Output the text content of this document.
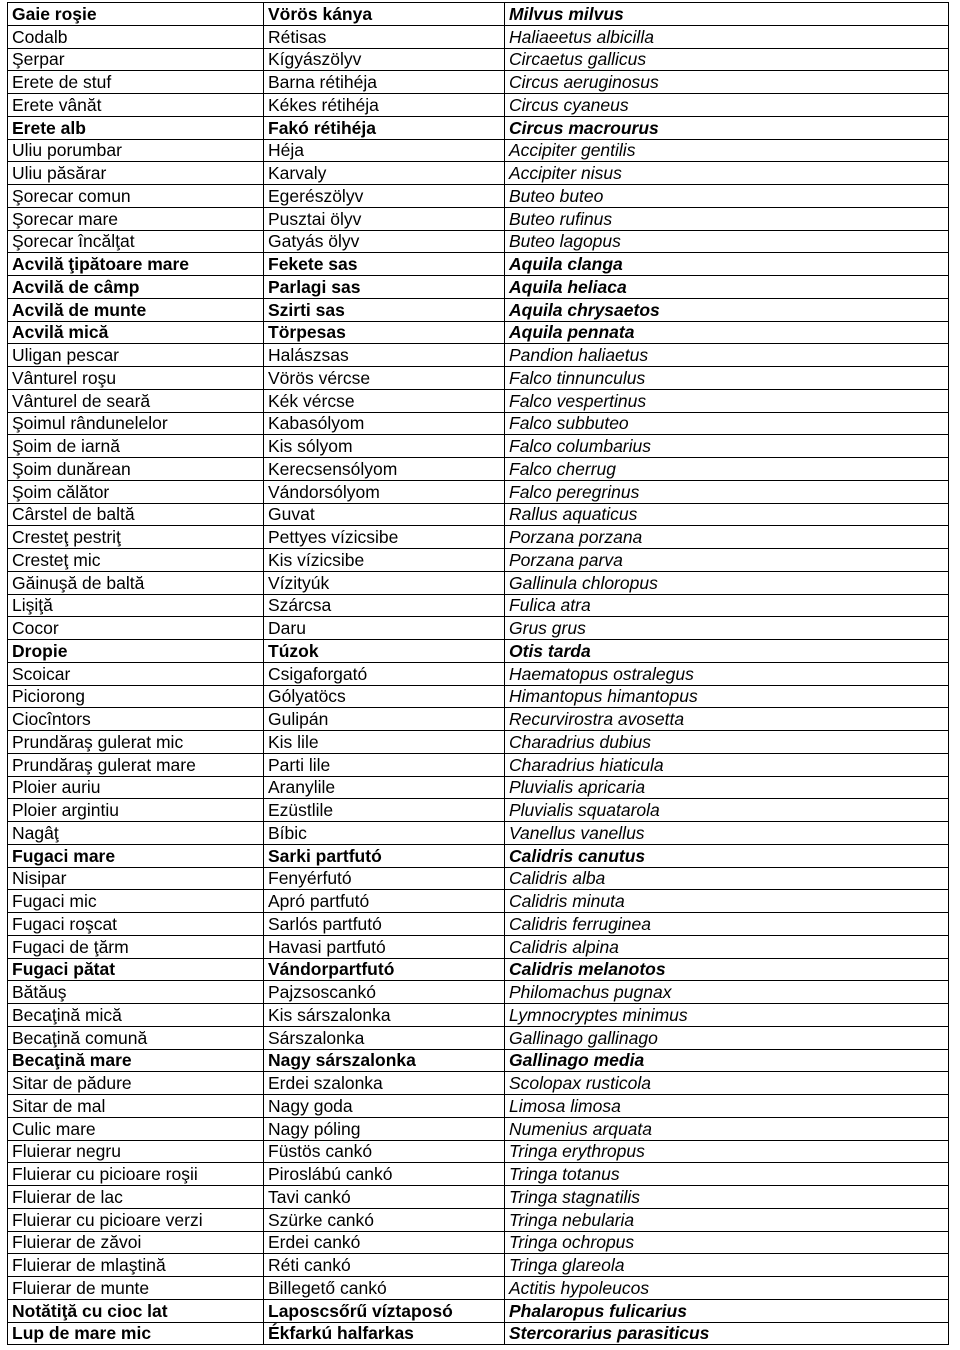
Gaie roşie	Vörös kánya	Milvus milvus
Codalb	Rétisas	Haliaeetus albicilla
Şerpar	Kígyászölyv	Circaetus gallicus
Erete de stuf	Barna rétihéja	Circus aeruginosus
Erete vânăt	Kékes rétihéja	Circus cyaneus
Erete alb	Fakó rétihéja	Circus macrourus
Uliu porumbar	Héja	Accipiter gentilis
Uliu păsărar	Karvaly	Accipiter nisus
Şorecar comun	Egerészölyv	Buteo buteo
Şorecar mare	Pusztai ölyv	Buteo rufinus
Şorecar încălţat	Gatyás ölyv	Buteo lagopus
Acvilă ţipătoare mare	Fekete sas	Aquila clanga
Acvilă de câmp	Parlagi sas	Aquila heliaca
Acvilă de munte	Szirti sas	Aquila chrysaetos
Acvilă mică	Törpesas	Aquila pennata
Uligan pescar	Halászsas	Pandion haliaetus
Vânturel roşu	Vörös vércse	Falco tinnunculus
Vânturel de seară	Kék vércse	Falco vespertinus
Şoimul rândunelelor	Kabasólyom	Falco subbuteo
Şoim de iarnă	Kis sólyom	Falco columbarius
Şoim dunărean	Kerecsensólyom	Falco cherrug
Şoim călător	Vándorsólyom	Falco peregrinus
Cârstel de baltă	Guvat	Rallus aquaticus
Cresteţ pestriţ	Pettyes vízicsibe	Porzana porzana
Cresteţ mic	Kis vízicsibe	Porzana parva
Găinuşă de baltă	Vízityúk	Gallinula chloropus
Lişiţă	Szárcsa	Fulica atra
Cocor	Daru	Grus grus
Dropie	Túzok	Otis tarda
Scoicar	Csigaforgató	Haematopus ostralegus
Piciorong	Gólyatöcs	Himantopus himantopus
Ciocîntors	Gulipán	Recurvirostra avosetta
Prundăraş gulerat mic	Kis lile	Charadrius dubius
Prundăraş gulerat mare	Parti lile	Charadrius hiaticula
Ploier auriu	Aranylile	Pluvialis apricaria
Ploier argintiu	Ezüstlile	Pluvialis squatarola
Nagâţ	Bíbic	Vanellus vanellus
Fugaci mare	Sarki partfutó	Calidris canutus
Nisipar	Fenyérfutó	Calidris alba
Fugaci mic	Apró partfutó	Calidris minuta
Fugaci roşcat	Sarlós partfutó	Calidris ferruginea
Fugaci de ţărm	Havasi partfutó	Calidris alpina
Fugaci pătat	Vándorpartfutó	Calidris melanotos
Bătăuş	Pajzsoscankó	Philomachus pugnax
Becaţină mică	Kis sárszalonka	Lymnocryptes minimus
Becaţină comună	Sárszalonka	Gallinago gallinago
Becaţină mare	Nagy sárszalonka	Gallinago media
Sitar de pădure	Erdei szalonka	Scolopax rusticola
Sitar de mal	Nagy goda	Limosa limosa
Culic mare	Nagy póling	Numenius arquata
Fluierar negru	Füstös cankó	Tringa erythropus
Fluierar cu picioare roşii	Piroslábú cankó	Tringa totanus
Fluierar de lac	Tavi cankó	Tringa stagnatilis
Fluierar cu picioare verzi	Szürke cankó	Tringa nebularia
Fluierar de zăvoi	Erdei cankó	Tringa ochropus
Fluierar de mlaştină	Réti cankó	Tringa glareola
Fluierar de munte	Billegető cankó	Actitis hypoleucos
Notătiţă cu cioc lat	Laposcsőrű víztaposó	Phalaropus fulicarius
Lup de mare mic	Ékfarkú halfarkas	Stercorarius parasiticus
